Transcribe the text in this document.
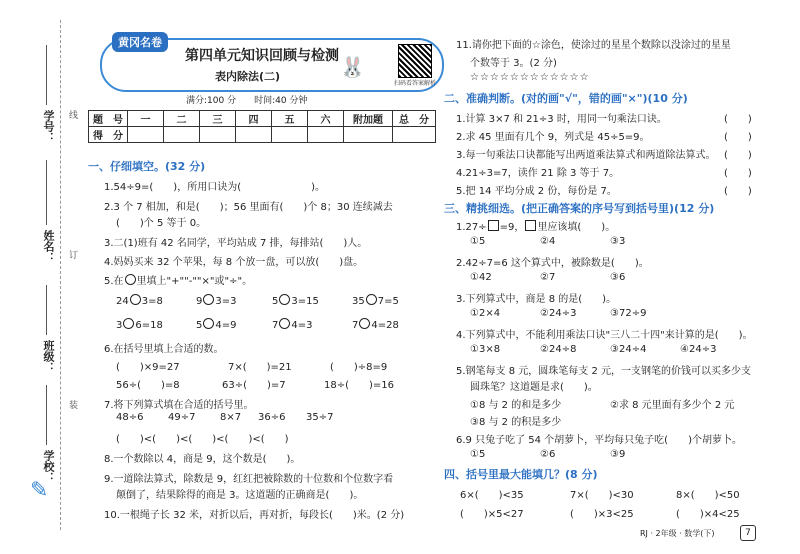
学号：
姓名：
班级：
学校：
线
订
装
✎
黄冈名卷
第四单元知识回顾与检测
表内除法(二)	🐰
扫码看答案解析
满分:100 分　　 时间:40 分钟
题　号	一	二	三	四	五	六	附加题	总　分
得　分								
一、仔细填空。(32 分)
1.54÷9=(　　)，所用口诀为(　　　　　　　)。
2.3 个 7 相加，和是(　　)；56 里面有(　　)个 8；30 连续减去
(　　)个 5 等于 0。
3.二(1)班有 42 名同学，平均站成 7 排，每排站(　　)人。
4.妈妈买来 32 个苹果，每 8 个放一盘，可以放(　　)盘。
5.在 里填上"+""-""×"或"÷"。
24 3=8	9 3=3	5 3=15	35 7=5
3 6=18	5 4=9	7 4=3	7 4=28
6.在括号里填上合适的数。
(　　)×9=27	7×(　　)=21	(　　)÷8=9
56÷(　　)=8	63÷(　　)=7	18÷(　　)=16
7.将下列算式填在合适的括号里。
48÷6 49÷7 8×7 36÷6 35÷7
(　　)<(　　)<(　　)<(　　)<(　　)
8.一个数除以 4，商是 9，这个数是(　　)。
9.一道除法算式，除数是 9，红红把被除数的十位数和个位数字看
颠倒了，结果除得的商是 3。这道题的正确商是(　　)。
10.一根绳子长 32 米，对折以后，再对折，每段长(　　)米。(2 分)
11.请你把下面的☆涂色，使涂过的星星个数除以没涂过的星星
个数等于 3。(2 分)
☆☆☆☆☆☆☆☆☆☆☆☆
二、准确判断。(对的画"√"，错的画"×")(10 分)
1.计算 3×7 和 21÷3 时，用同一句乘法口诀。	(　　)
2.求 45 里面有几个 9，列式是 45÷5=9。	(　　)
3.每一句乘法口诀都能写出两道乘法算式和两道除法算式。 (　　)
4.21÷3=7，读作 21 除 3 等于 7。	(　　)
5.把 14 平均分成 2 份，每份是 7。	(　　)
三、精挑细选。(把正确答案的序号写到括号里)(12 分)
1.27÷ =9， 里应该填(　　)。
①5	②4	③3
2.42÷7=6 这个算式中，被除数是(　　)。
①42	②7	③6
3.下列算式中，商是 8 的是(　　)。
①2×4	②24÷3	③72÷9
4.下列算式中，不能利用乘法口诀"三八二十四"来计算的是(　　)。
①3×8	②24÷8	③24÷4	④24÷3
5.钢笔每支 8 元，圆珠笔每支 2 元，一支钢笔的价钱可以买多少支
圆珠笔？这道题是求(　　)。
①8 与 2 的和是多少	②求 8 元里面有多少个 2 元
③8 与 2 的积是多少
6.9 只兔子吃了 54 个胡萝卜，平均每只兔子吃(　　)个胡萝卜。
①5	②6	③9
四、括号里最大能填几？(8 分)
6×(　　)<35	7×(　　)<30	8×(　　)<50
(　　)×5<27	(　　)×3<25	(　　)×4<25
RJ · 2年级 · 数学(下)	7
